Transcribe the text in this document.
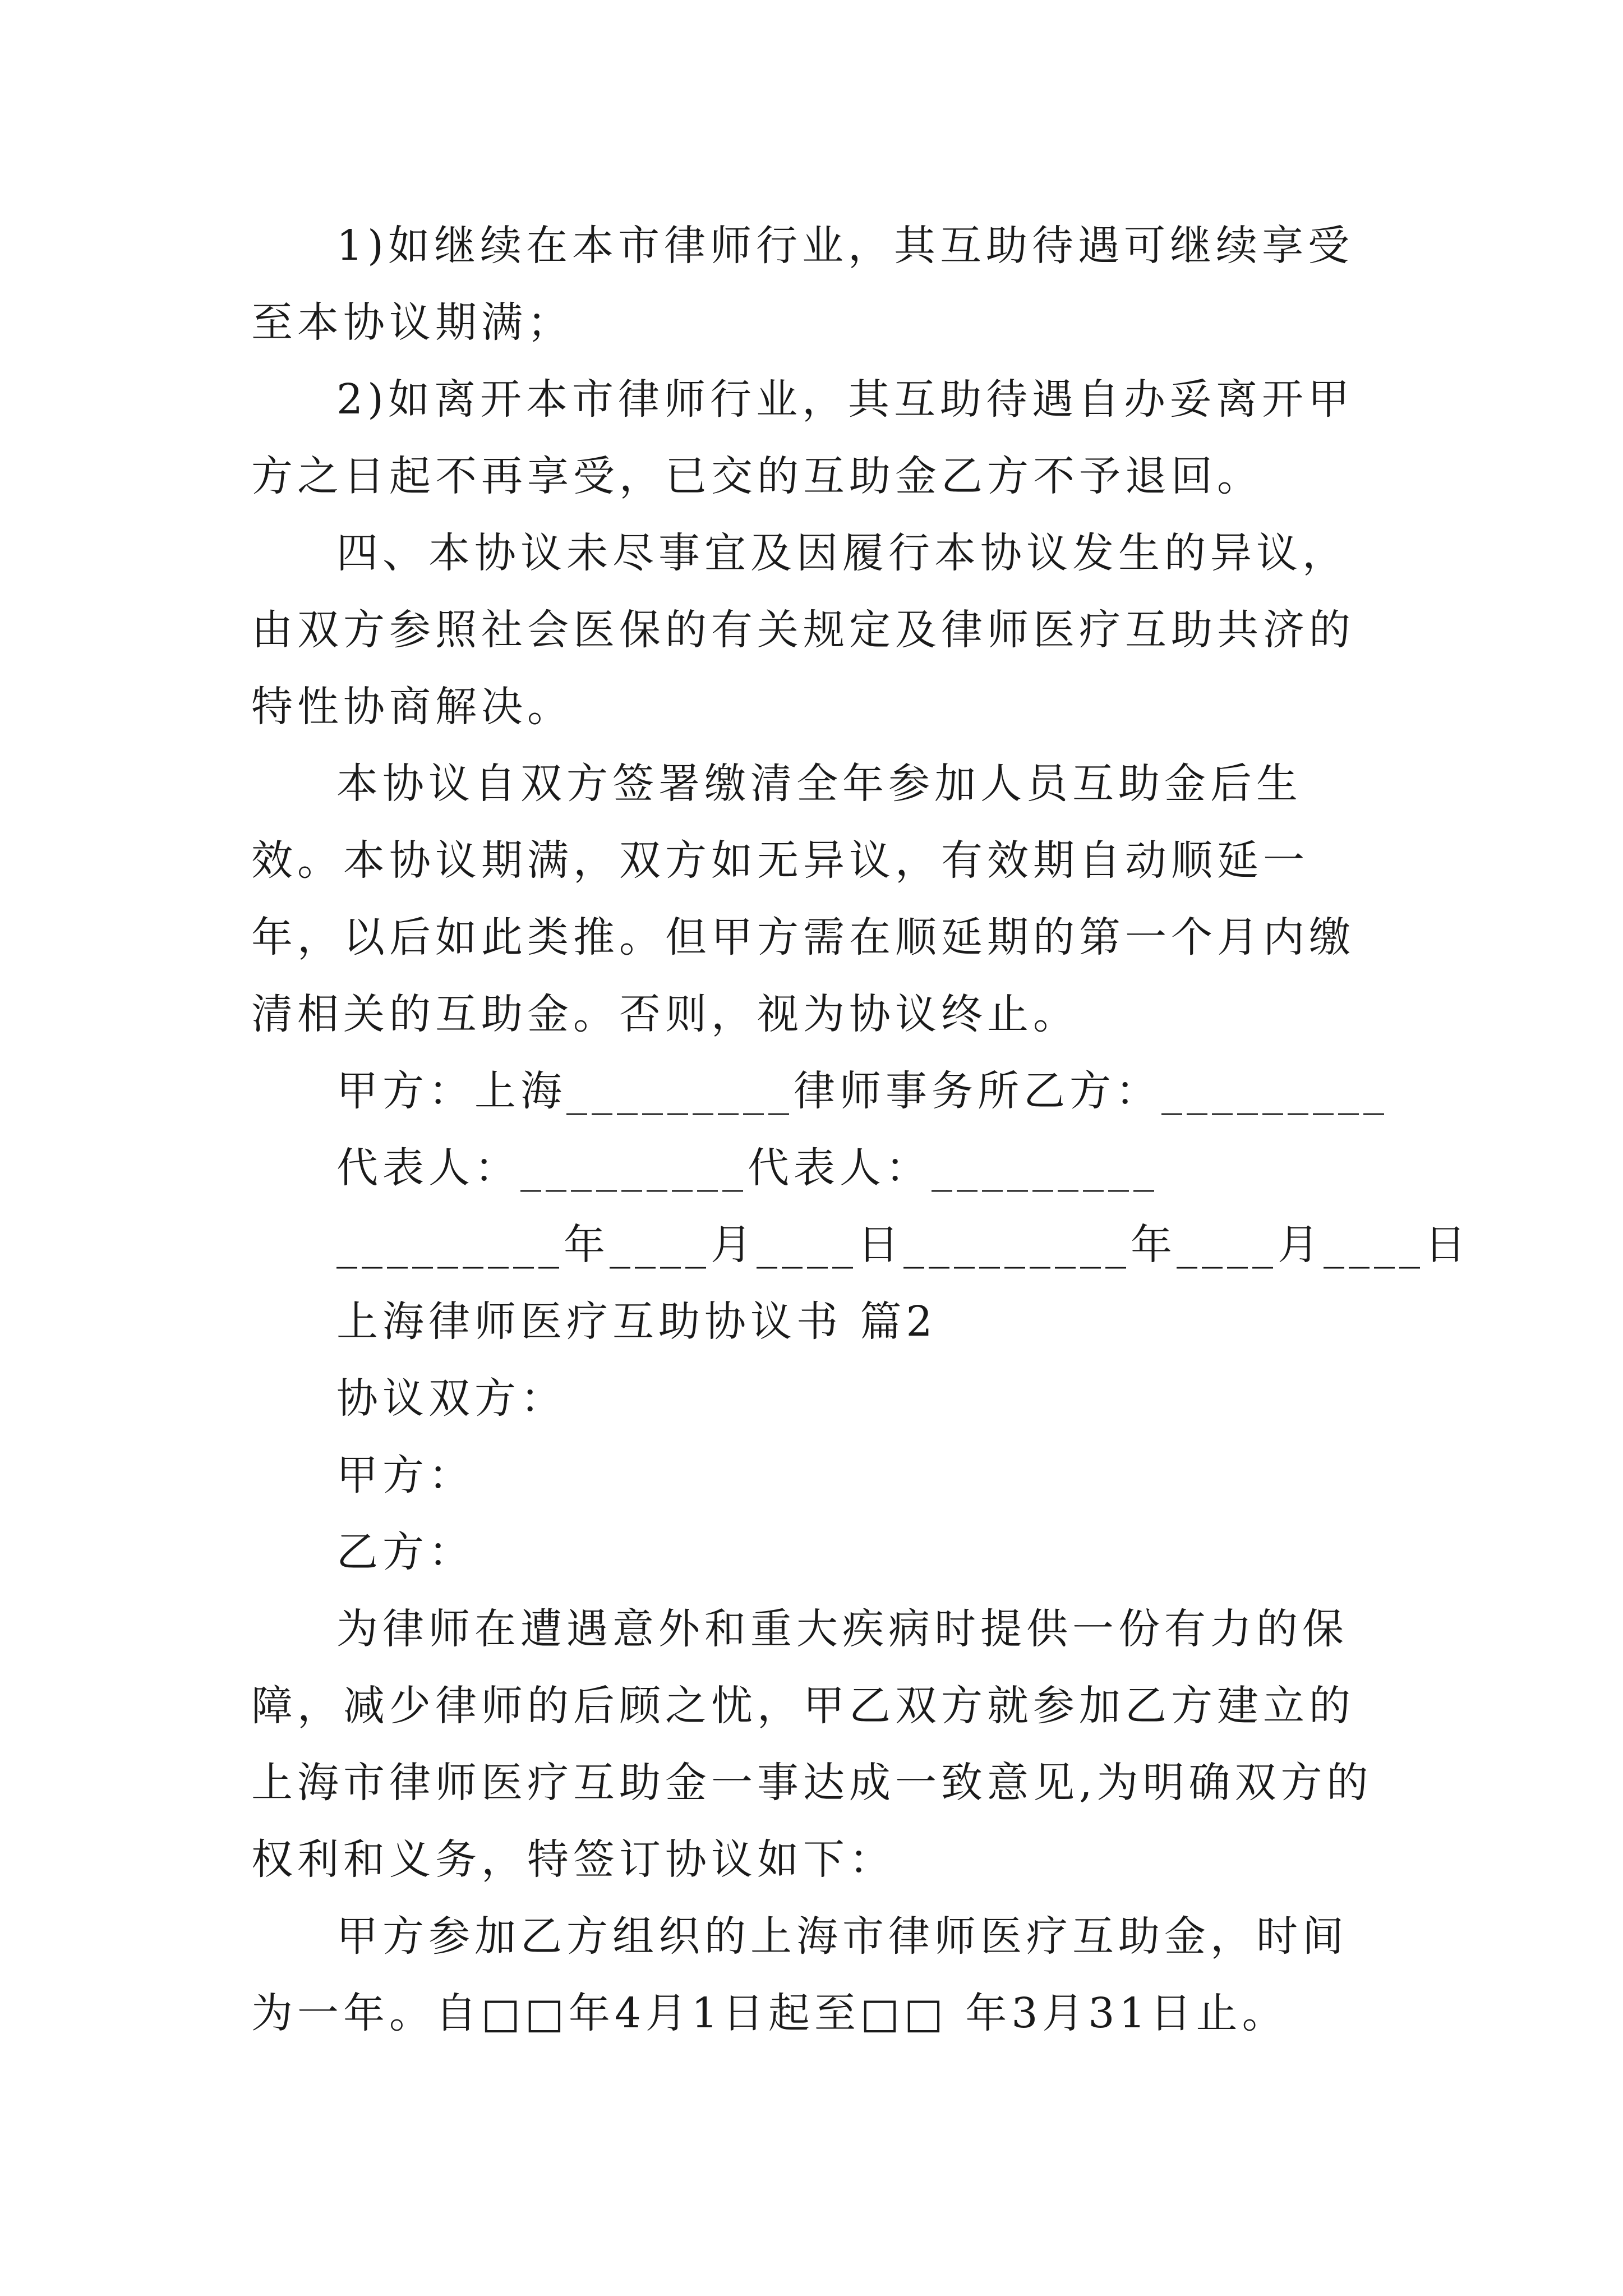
1)如继续在本市律师行业，其互助待遇可继续享受至本协议期满；

2)如离开本市律师行业，其互助待遇自办妥离开甲方之日起不再享受，已交的互助金乙方不予退回。

四、本协议未尽事宜及因履行本协议发生的异议，由双方参照社会医保的有关规定及律师医疗互助共济的特性协商解决。

本协议自双方签署缴清全年参加人员互助金后生效。本协议期满，双方如无异议，有效期自动顺延一年，以后如此类推。但甲方需在顺延期的第一个月内缴清相关的互助金。否则，视为协议终止。

甲方：上海_________律师事务所乙方：_________

代表人：_________代表人：_________

_________年____月____日_________年____月____日

上海律师医疗互助协议书 篇2

协议双方：

甲方：

乙方：

为律师在遭遇意外和重大疾病时提供一份有力的保障，减少律师的后顾之忧，甲乙双方就参加乙方建立的上海市律师医疗互助金一事达成一致意见,为明确双方的权利和义务，特签订协议如下：

甲方参加乙方组织的上海市律师医疗互助金，时间为一年。自□□年4月1日起至□□ 年3月31日止。
